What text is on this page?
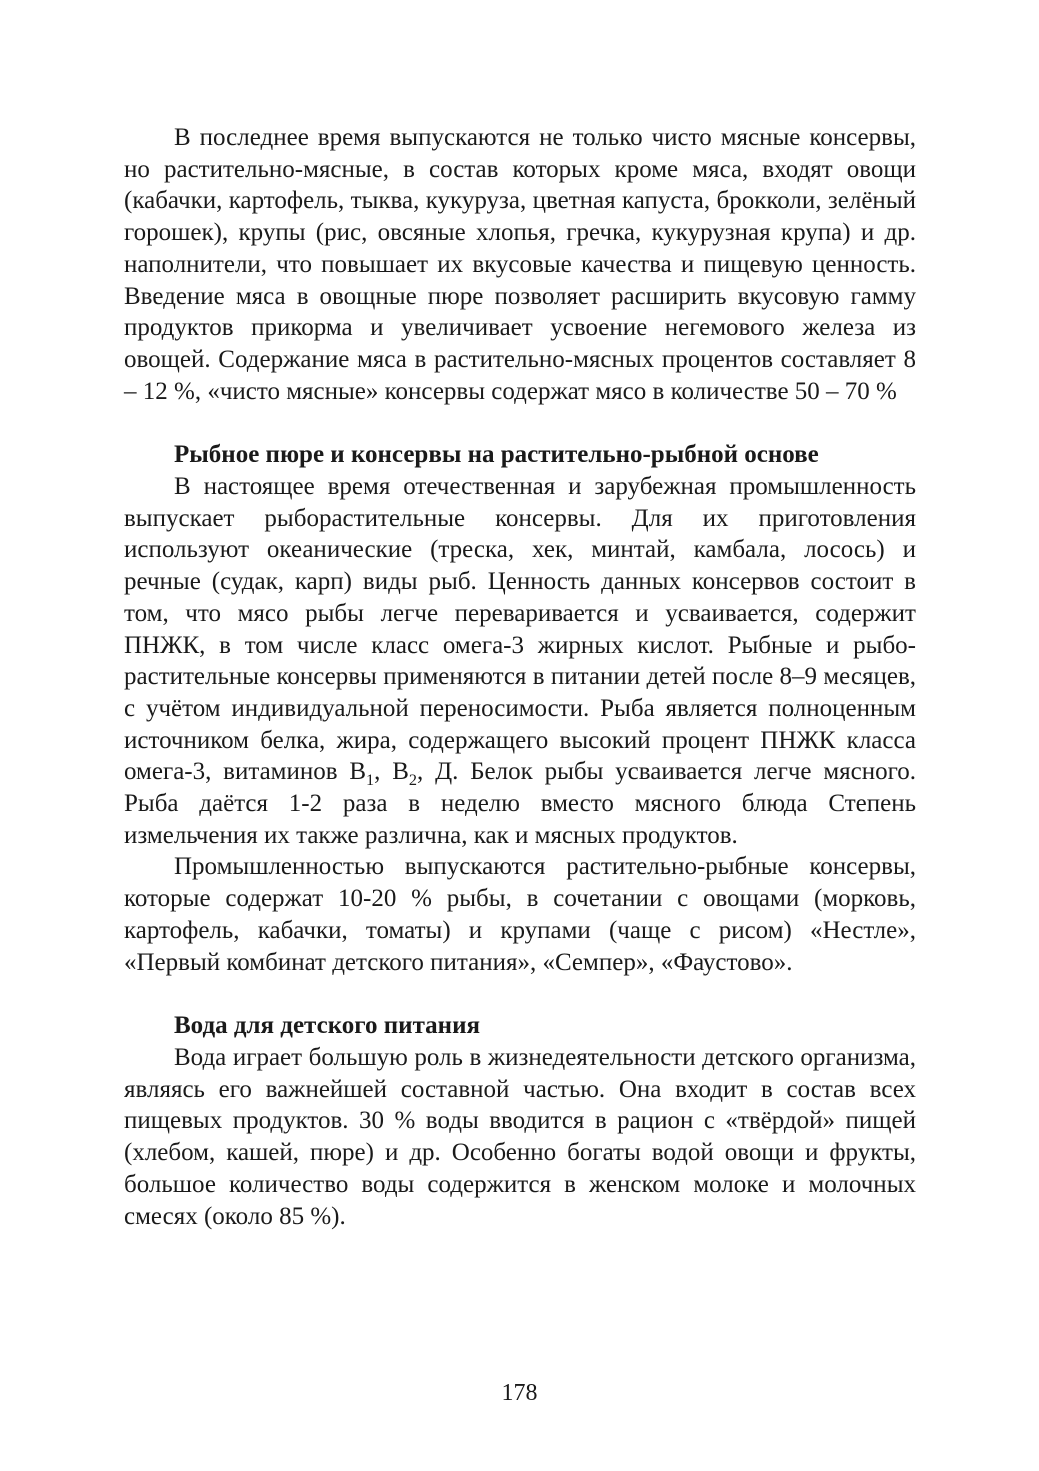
В последнее время выпускаются не только чисто мясные консервы, но растительно-мясные, в состав которых кроме мяса, входят овощи (кабачки, картофель, тыква, кукуруза, цветная капуста, брокколи, зелёный горошек), крупы (рис, овсяные хлопья, гречка, кукурузная крупа) и др. наполнители, что повышает их вкусовые качества и пищевую ценность. Введение мяса в овощные пюре позволяет расширить вкусовую гамму продуктов прикорма и увеличивает усвоение негемового железа из овощей. Содержание мяса в растительно-мясных процентов составляет 8 – 12 %, «чисто мясные» консервы содержат мясо в количестве 50 – 70 %

Рыбное пюре и консервы на растительно-рыбной основе

В настоящее время отечественная и зарубежная промышленность выпускает рыборастительные консервы. Для их приготовления используют океанические (треска, хек, минтай, камбала, лосось) и речные (судак, карп) виды рыб. Ценность данных консервов состоит в том, что мясо рыбы легче переваривается и усваивается, содержит ПНЖК, в том числе класс омега-3 жирных кислот. Рыбные и рыбо-растительные консервы применяются в питании детей после 8–9 месяцев, с учётом индивидуальной переносимости. Рыба является полноценным источником белка, жира, содержащего высокий процент ПНЖК класса омега-3, витаминов $В_1$, $В_2$, Д. Белок рыбы усваивается легче мясного. Рыба даётся 1-2 раза в неделю вместо мясного блюда Степень измельчения их также различна, как и мясных продуктов.

Промышленностью выпускаются растительно-рыбные консервы, которые содержат 10-20 % рыбы, в сочетании с овощами (морковь, картофель, кабачки, томаты) и крупами (чаще с рисом) «Нестле», «Первый комбинат детского питания», «Семпер», «Фаустово».

Вода для детского питания

Вода играет большую роль в жизнедеятельности детского организма, являясь его важнейшей составной частью. Она входит в состав всех пищевых продуктов. 30 % воды вводится в рацион с «твёрдой» пищей (хлебом, кашей, пюре) и др. Особенно богаты водой овощи и фрукты, большое количество воды содержится в женском молоке и молочных смесях (около 85 %).

178
